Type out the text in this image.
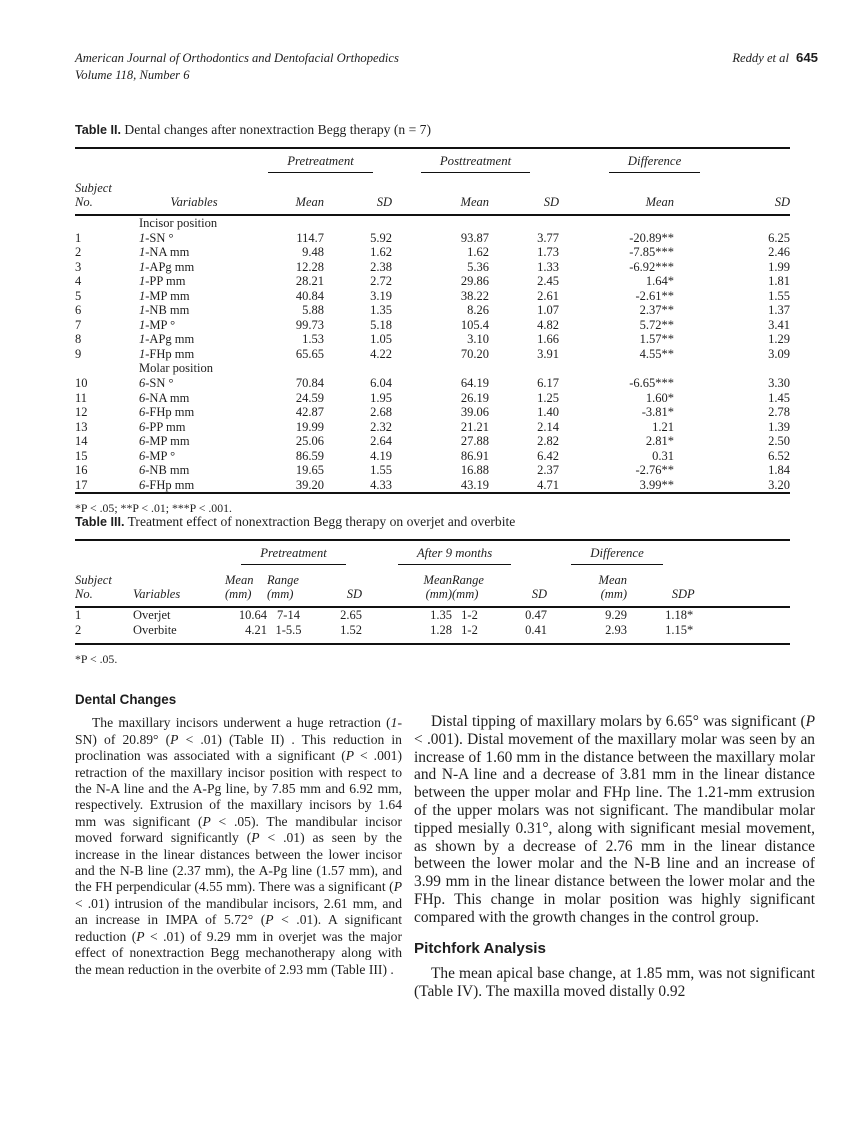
American Journal of Orthodontics and Dentofacial Orthopedics
Volume 118, Number 6
Reddy et al 645
Table II. Dental changes after nonextraction Begg therapy (n = 7)
		Pretreatment		Posttreatment		Difference	

Subject
No.	Variables	Mean	SD	Mean	SD	Mean	SD
	Incisor position						
1	1-SN °	114.7	5.92	93.87	3.77	-20.89**	6.25
2	1-NA mm	9.48	1.62	1.62	1.73	-7.85***	2.46
3	1-APg mm	12.28	2.38	5.36	1.33	-6.92***	1.99
4	1-PP mm	28.21	2.72	29.86	2.45	1.64*	1.81
5	1-MP mm	40.84	3.19	38.22	2.61	-2.61**	1.55
6	1-NB mm	5.88	1.35	8.26	1.07	2.37**	1.37
7	1-MP °	99.73	5.18	105.4	4.82	5.72**	3.41
8	1-APg mm	1.53	1.05	3.10	1.66	1.57**	1.29
9	1-FHp mm	65.65	4.22	70.20	3.91	4.55**	3.09
	Molar position						
10	6-SN °	70.84	6.04	64.19	6.17	-6.65***	3.30
11	6-NA mm	24.59	1.95	26.19	1.25	1.60*	1.45
12	6-FHp mm	42.87	2.68	39.06	1.40	-3.81*	2.78
13	6-PP mm	19.99	2.32	21.21	2.14	1.21	1.39
14	6-MP mm	25.06	2.64	27.88	2.82	2.81*	2.50
15	6-MP °	86.59	4.19	86.91	6.42	0.31	6.52
16	6-NB mm	19.65	1.55	16.88	2.37	-2.76**	1.84
17	6-FHp mm	39.20	4.33	43.19	4.71	3.99**	3.20
*P < .05; **P < .01; ***P < .001.
Table III. Treatment effect of nonextraction Begg therapy on overjet and overbite
		Pretreatment			After 9 months			Difference		

Subject
No.	Variables	
Mean
(mm)

Range
(mm)	SD	
Mean
(mm)

Range
(mm)	SD	
Mean
(mm)	SD	P
1	Overjet	10.64	7-14	2.65	1.35	1-2	0.47	9.29	1.18	*
2	Overbite	4.21	1-5.5	1.52	1.28	1-2	0.41	2.93	1.15	*
*P < .05.
Dental Changes

The maxillary incisors underwent a huge retraction (1-SN) of 20.89° (P < .01) (Table II) . This reduction in proclination was associated with a significant (P < .001) retraction of the maxillary incisor position with respect to the N-A line and the A-Pg line, by 7.85 mm and 6.92 mm, respectively. Extrusion of the maxillary incisors by 1.64 mm was significant (P < .05). The mandibular incisor moved forward significantly (P < .01) as seen by the increase in the linear distances between the lower incisor and the N-B line (2.37 mm), the A-Pg line (1.57 mm), and the FH perpendicular (4.55 mm). There was a significant (P < .01) intrusion of the mandibular incisors, 2.61 mm, and an increase in IMPA of 5.72° (P < .01). A significant reduction (P < .01) of 9.29 mm in overjet was the major effect of nonextraction Begg mechanotherapy along with the mean reduction in the overbite of 2.93 mm (Table III) .

Distal tipping of maxillary molars by 6.65° was significant (P < .001). Distal movement of the maxillary molar was seen by an increase of 1.60 mm in the distance between the maxillary molar and N-A line and a decrease of 3.81 mm in the linear distance between the upper molar and FHp line. The 1.21-mm extrusion of the upper molars was not significant. The mandibular molar tipped mesially 0.31°, along with significant mesial movement, as shown by a decrease of 2.76 mm in the linear distance between the lower molar and the N-B line and an increase of 3.99 mm in the linear distance between the lower molar and the FHp. This change in molar position was highly significant compared with the growth changes in the control group.

Pitchfork Analysis

The mean apical base change, at 1.85 mm, was not significant (Table IV). The maxilla moved distally 0.92
